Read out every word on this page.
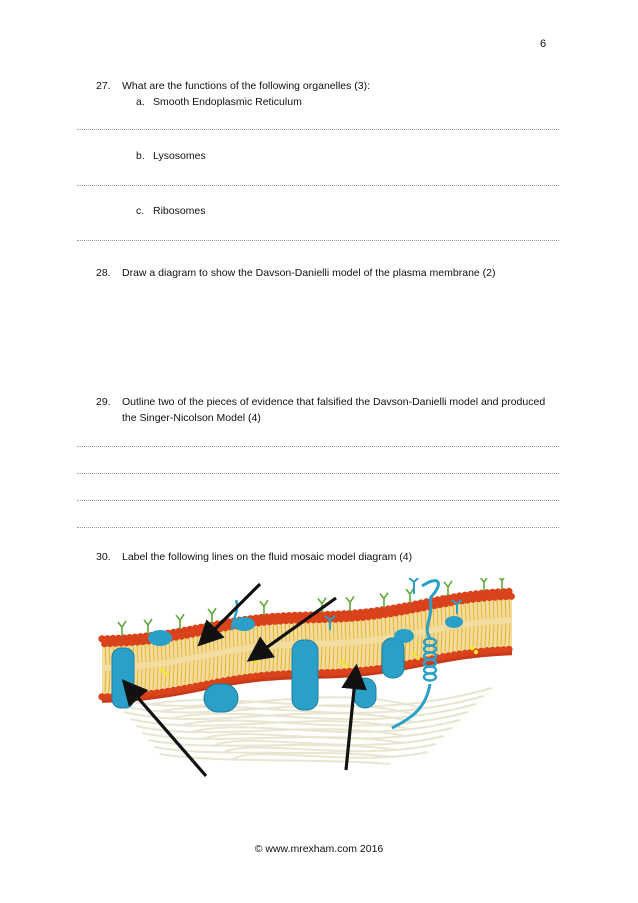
6
27. What are the functions of the following organelles (3):
a. Smooth Endoplasmic Reticulum
b. Lysosomes
c. Ribosomes
28. Draw a diagram to show the Davson-Danielli model of the plasma membrane (2)
29. Outline two of the pieces of evidence that falsified the Davson-Danielli model and produced
the Singer-Nicolson Model (4)
30. Label the following lines on the fluid mosaic model diagram (4)
© www.mrexham.com 2016
